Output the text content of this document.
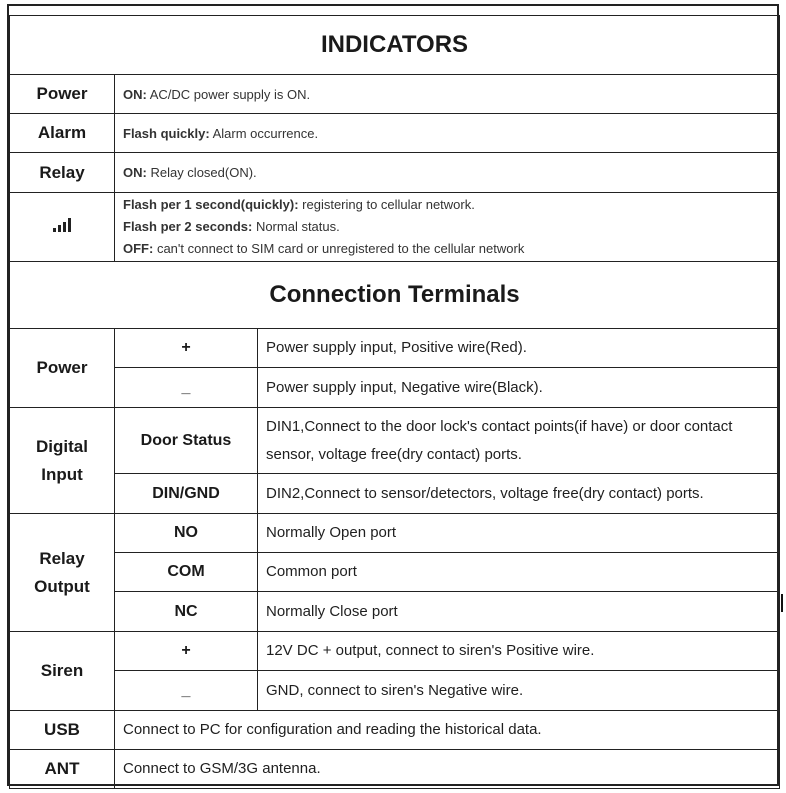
INDICATORS		
Power	ON: AC/DC power supply is ON.	
Alarm	Flash quickly: Alarm occurrence.	
Relay	ON: Relay closed(ON).	

	Flash per 1 second(quickly): registering to cellular network.
Flash per 2 seconds: Normal status.
OFF: can't connect to SIM card or unregistered to the cellular network	

Connection Terminals		
Power	+	Power supply input, Positive wire(Red).
	_	Power supply input, Negative wire(Black).
Digital
Input	Door Status	DIN1,Connect to the door lock's contact points(if have) or door contact sensor, voltage free(dry contact) ports.
	DIN/GND	DIN2,Connect to sensor/detectors, voltage free(dry contact) ports.
Relay
Output	NO	Normally Open port
	COM	Common port
	NC	Normally Close port
Siren	+	12V DC + output, connect to siren's Positive wire.
	_	GND, connect to siren's Negative wire.
USB	Connect to PC for configuration and reading the historical data.	
ANT	Connect to GSM/3G antenna.	
